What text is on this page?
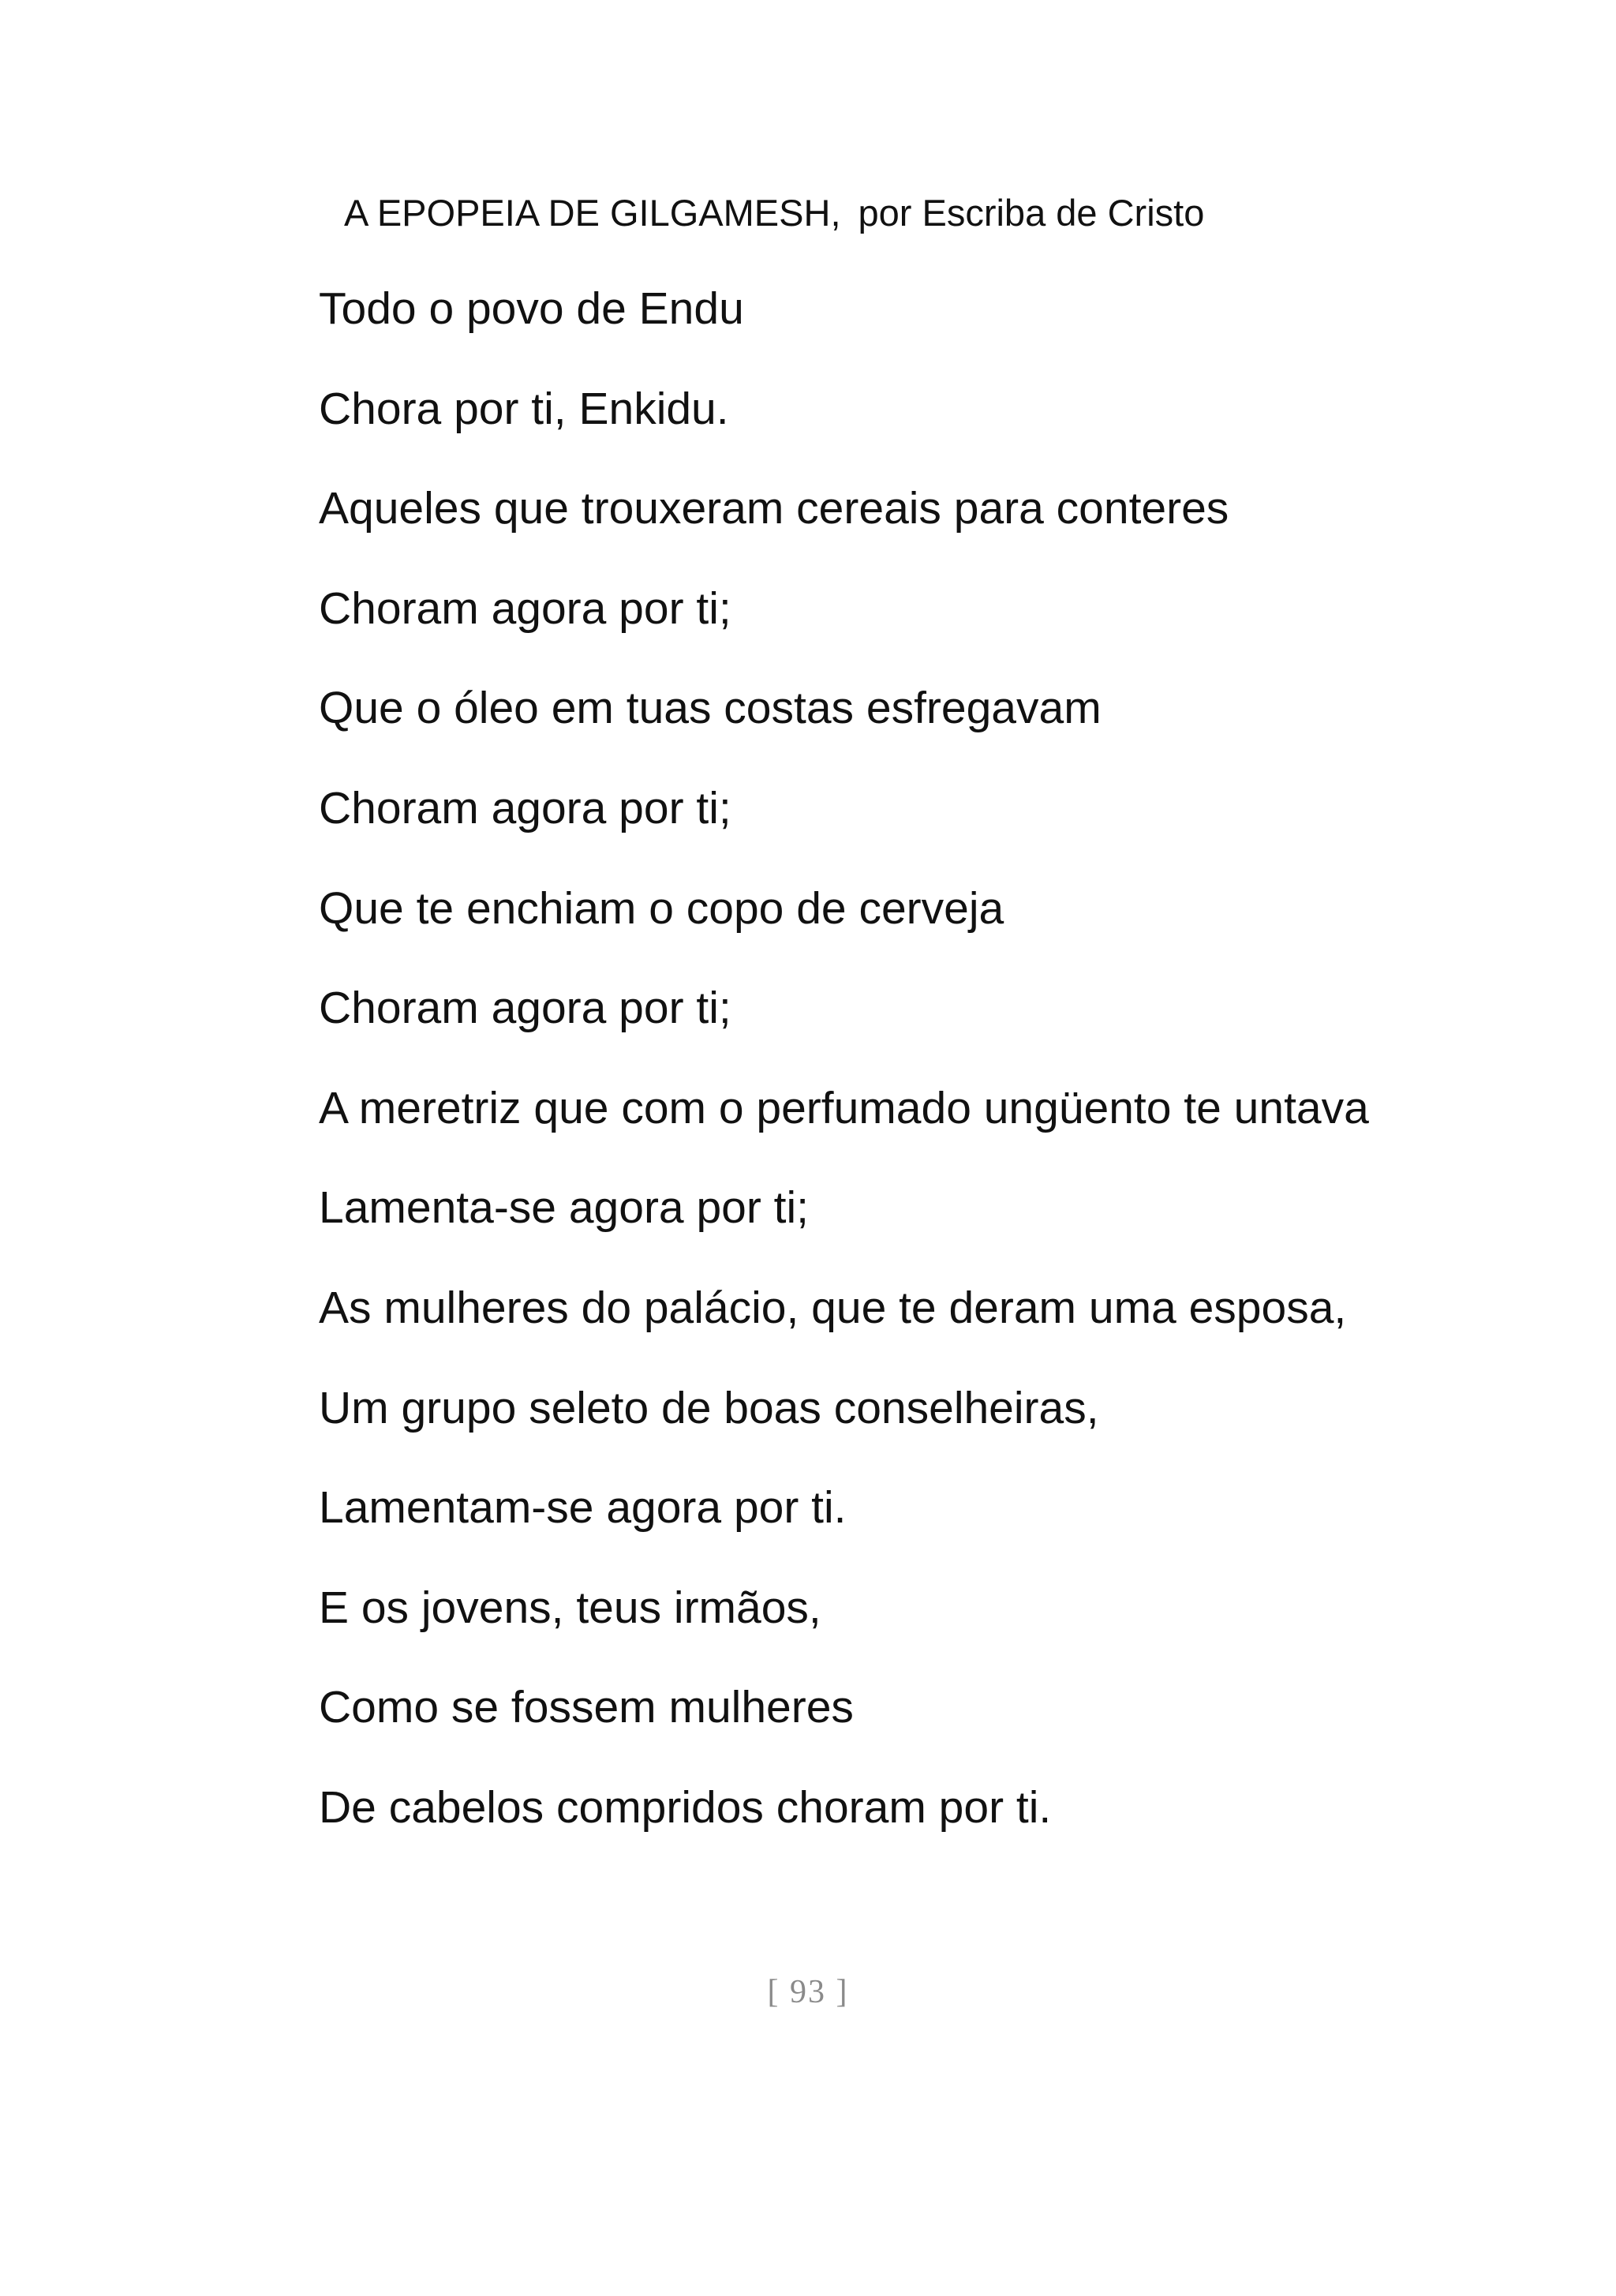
A EPOPEIA DE GILGAMESH, por Escriba de Cristo
Todo o povo de Endu
Chora por ti, Enkidu.
Aqueles que trouxeram cereais para conteres
Choram agora por ti;
Que o óleo em tuas costas esfregavam
Choram agora por ti;
Que te enchiam o copo de cerveja
Choram agora por ti;
A meretriz que com o perfumado ungüento te untava
Lamenta-se agora por ti;
As mulheres do palácio, que te deram uma esposa,
Um grupo seleto de boas conselheiras,
Lamentam-se agora por ti.
E os jovens, teus irmãos,
Como se fossem mulheres
De cabelos compridos choram por ti.
[ 93 ]
